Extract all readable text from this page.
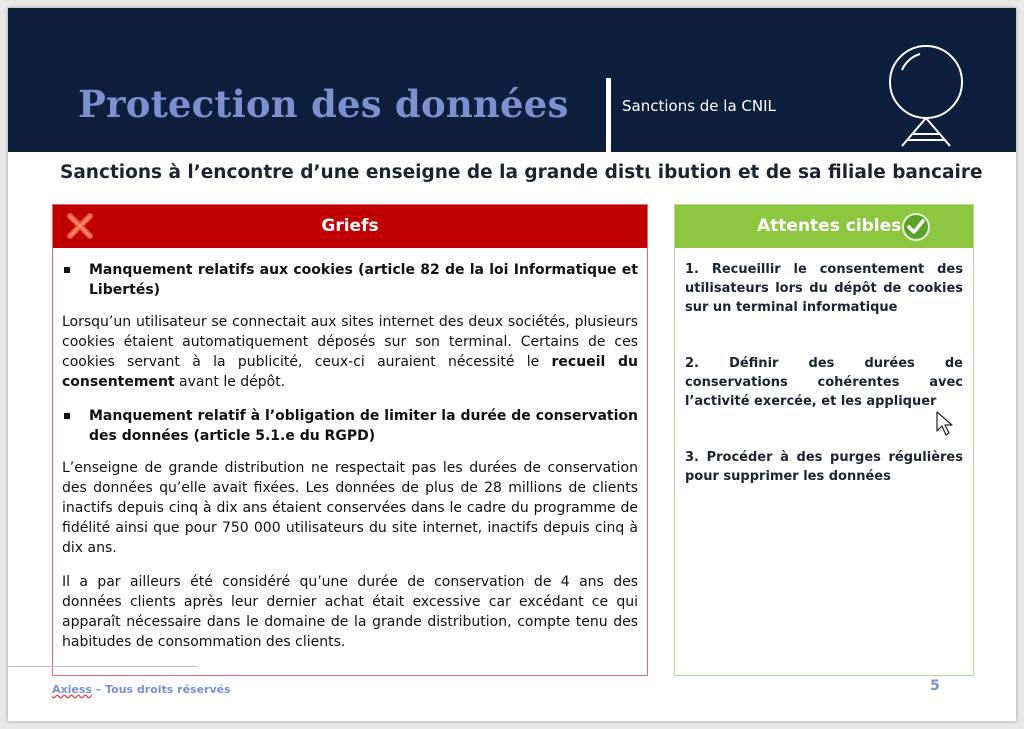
Protection des données	Sanctions de la CNIL
Sanctions à l’encontre d’une enseigne de la grande distι ibution et de sa filiale bancaire
Griefs
Manquement relatifs aux cookies (article 82 de la loi Informatique et Libertés)
Lorsqu’un utilisateur se connectait aux sites internet des deux sociétés, plusieurs cookies étaient automatiquement déposés sur son terminal. Certains de ces cookies servant à la publicité, ceux-ci auraient nécessité le recueil du consentement avant le dépôt.
Manquement relatif à l’obligation de limiter la durée de conservation des données (article 5.1.e du RGPD)
L’enseigne de grande distribution ne respectait pas les durées de conservation des données qu’elle avait fixées. Les données de plus de 28 millions de clients inactifs depuis cinq à dix ans étaient conservées dans le cadre du programme de fidélité ainsi que pour 750 000 utilisateurs du site internet, inactifs depuis cinq à dix ans.
Il a par ailleurs été considéré qu’une durée de conservation de 4 ans des données clients après leur dernier achat était excessive car excédant ce qui apparaît nécessaire dans le domaine de la grande distribution, compte tenu des habitudes de consommation des clients.
Attentes cibles
1. Recueillir le consentement des utilisateurs lors du dépôt de cookies sur un terminal informatique
2. Définir des durées de conservations cohérentes avec l’activité exercée, et les appliquer
3. Procéder à des purges régulières pour supprimer les données
Axiess – Tous droits réservés	5
